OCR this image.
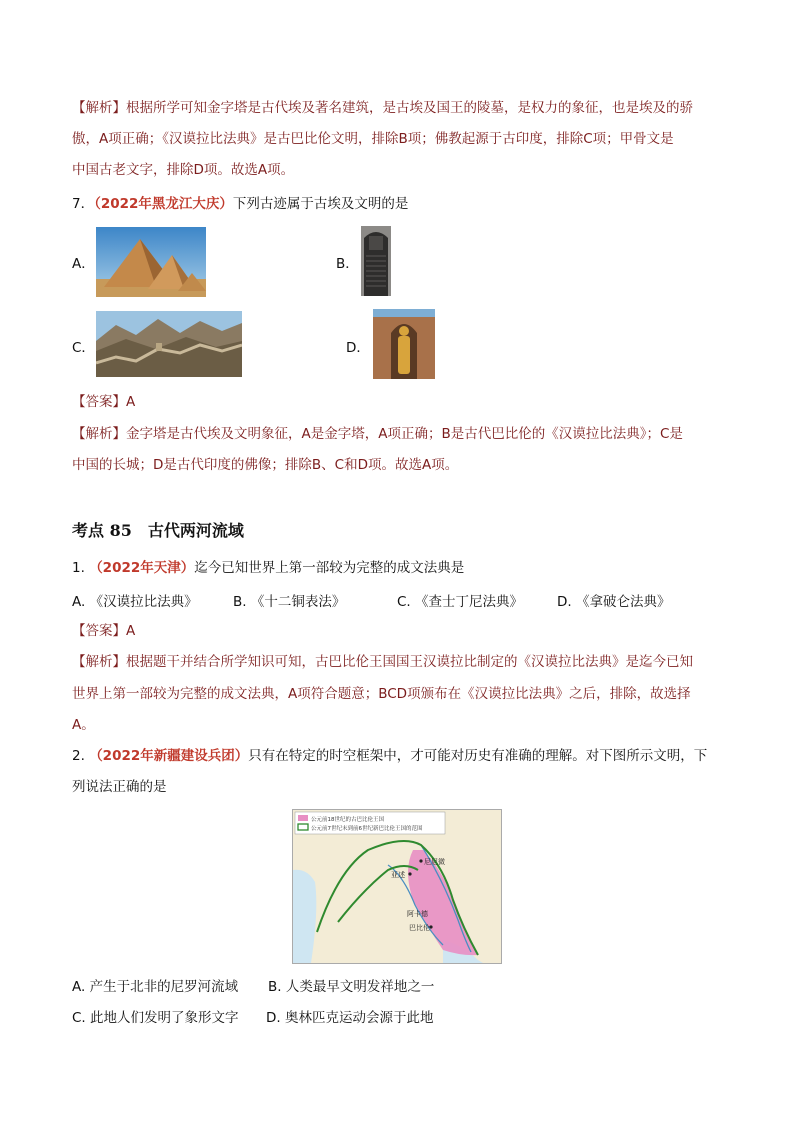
【解析】根据所学可知金字塔是古代埃及著名建筑，是古埃及国王的陵墓，是权力的象征，也是埃及的骄
傲，A项正确；《汉谟拉比法典》是古巴比伦文明，排除B项；佛教起源于古印度，排除C项；甲骨文是
中国古老文字，排除D项。故选A项。
7．（2022年黑龙江大庆）下列古迹属于古埃及文明的是
A．	B．
C．	D．
【答案】A
【解析】金字塔是古代埃及文明象征，A是金字塔，A项正确；B是古代巴比伦的《汉谟拉比法典》；C是
中国的长城；D是古代印度的佛像；排除B、C和D项。故选A项。
考点 85　古代两河流域
1. （2022年天津）迄今已知世界上第一部较为完整的成文法典是
A. 《汉谟拉比法典》	B. 《十二铜表法》	C. 《查士丁尼法典》	D. 《拿破仑法典》
【答案】A
【解析】根据题干并结合所学知识可知，古巴比伦王国国王汉谟拉比制定的《汉谟拉比法典》是迄今已知
世界上第一部较为完整的成文法典，A项符合题意；BCD项颁布在《汉谟拉比法典》之后，排除，故选择
A。
2. （2022年新疆建设兵团）只有在特定的时空框架中，才可能对历史有准确的理解。对下图所示文明，下
列说法正确的是
公元前18世纪的古巴比伦王国
公元前7世纪末到前6世纪新巴比伦王国的范围
尼尼微
亚述
阿卡德
巴比伦
A. 产生于北非的尼罗河流域 B. 人类最早文明发祥地之一
C. 此地人们发明了象形文字 D. 奥林匹克运动会源于此地
